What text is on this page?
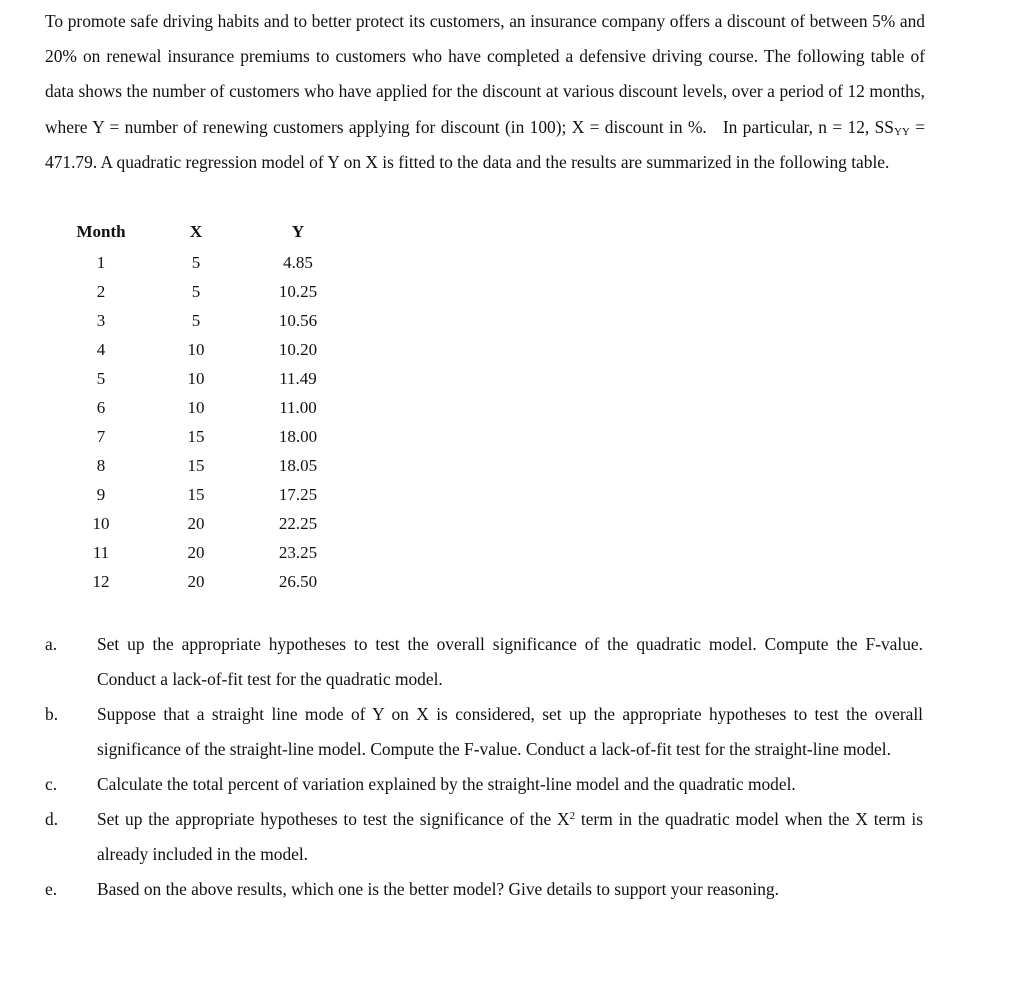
To promote safe driving habits and to better protect its customers, an insurance company offers a discount of between 5% and 20% on renewal insurance premiums to customers who have completed a defensive driving course. The following table of data shows the number of customers who have applied for the discount at various discount levels, over a period of 12 months, where Y = number of renewing customers applying for discount (in 100); X = discount in %. In particular, n = 12, $SS_{YY} = 471.79$. A quadratic regression model of Y on X is fitted to the data and the results are summarized in the following table.
Month	X	Y
1	5	4.85
2	5	10.25
3	5	10.56
4	10	10.20
5	10	11.49
6	10	11.00
7	15	18.00
8	15	18.05
9	15	17.25
10	20	22.25
11	20	23.25
12	20	26.50
a.	Set up the appropriate hypotheses to test the overall significance of the quadratic model. Compute the F-value. Conduct a lack-of-fit test for the quadratic model.
b.	Suppose that a straight line mode of Y on X is considered, set up the appropriate hypotheses to test the overall significance of the straight-line model. Compute the F-value. Conduct a lack-of-fit test for the straight-line model.
c.	Calculate the total percent of variation explained by the straight-line model and the quadratic model.
d.	Set up the appropriate hypotheses to test the significance of the $X^2$ term in the quadratic model when the X term is already included in the model.
e.	Based on the above results, which one is the better model? Give details to support your reasoning.
